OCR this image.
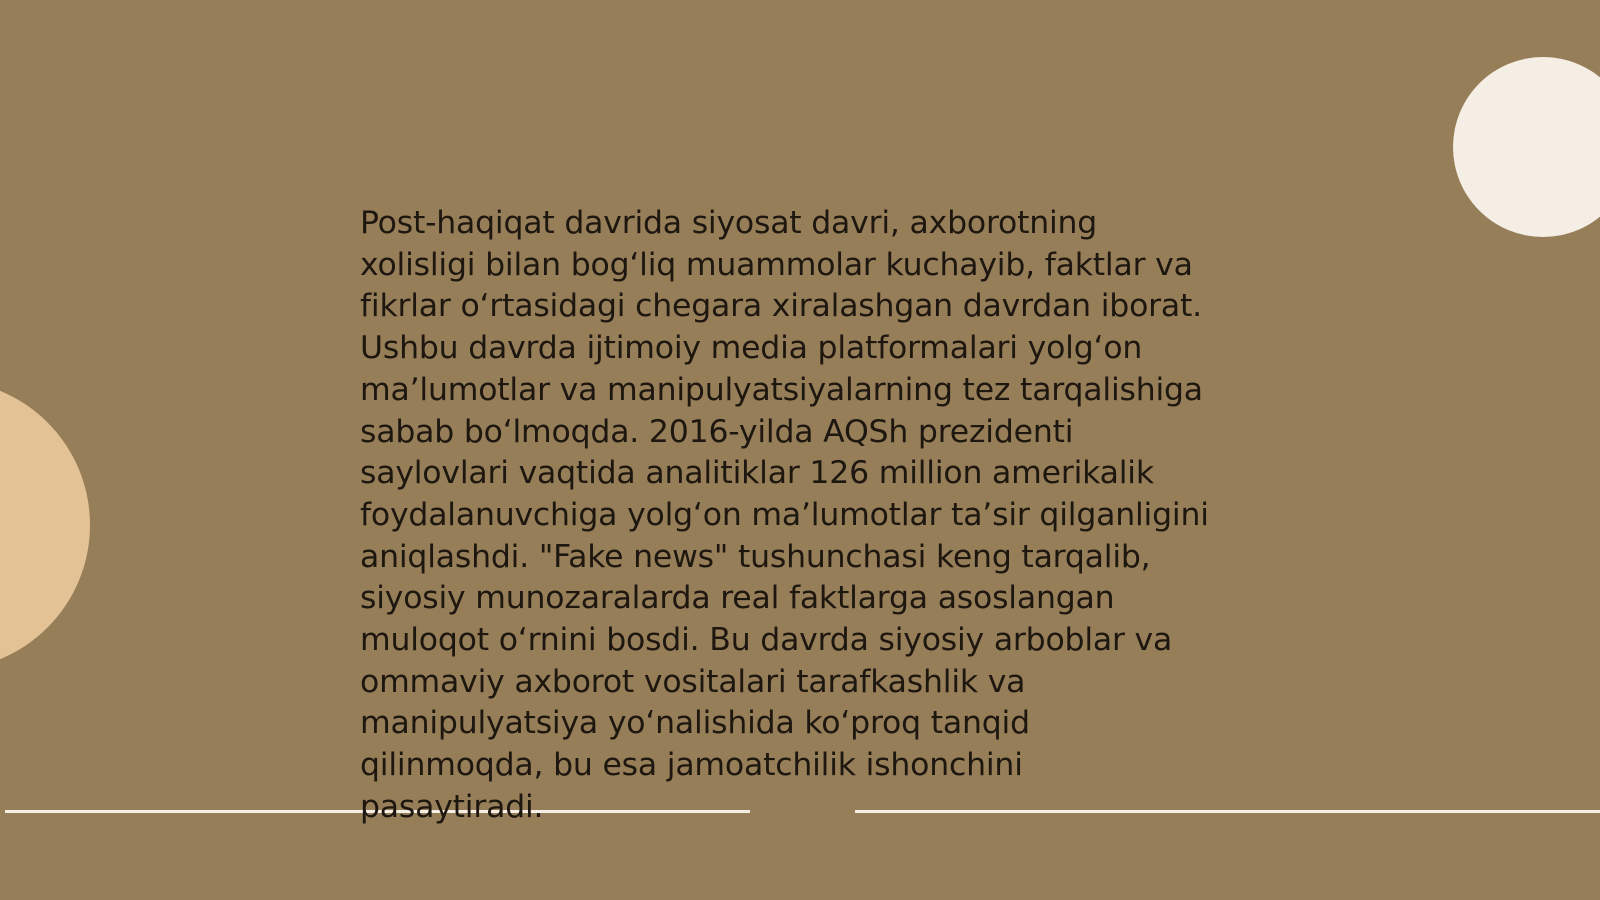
Post-haqiqat davrida siyosat davri, axborotning
xolisligi bilan bog‘liq muammolar kuchayib, faktlar va
fikrlar o‘rtasidagi chegara xiralashgan davrdan iborat.
Ushbu davrda ijtimoiy media platformalari yolg‘on
ma’lumotlar va manipulyatsiyalarning tez tarqalishiga
sabab bo‘lmoqda. 2016-yilda AQSh prezidenti
saylovlari vaqtida analitiklar 126 million amerikalik
foydalanuvchiga yolg‘on ma’lumotlar ta’sir qilganligini
aniqlashdi. "Fake news" tushunchasi keng tarqalib,
siyosiy munozaralarda real faktlarga asoslangan
muloqot o‘rnini bosdi. Bu davrda siyosiy arboblar va
ommaviy axborot vositalari tarafkashlik va
manipulyatsiya yo‘nalishida ko‘proq tanqid
qilinmoqda, bu esa jamoatchilik ishonchini
pasaytiradi.
